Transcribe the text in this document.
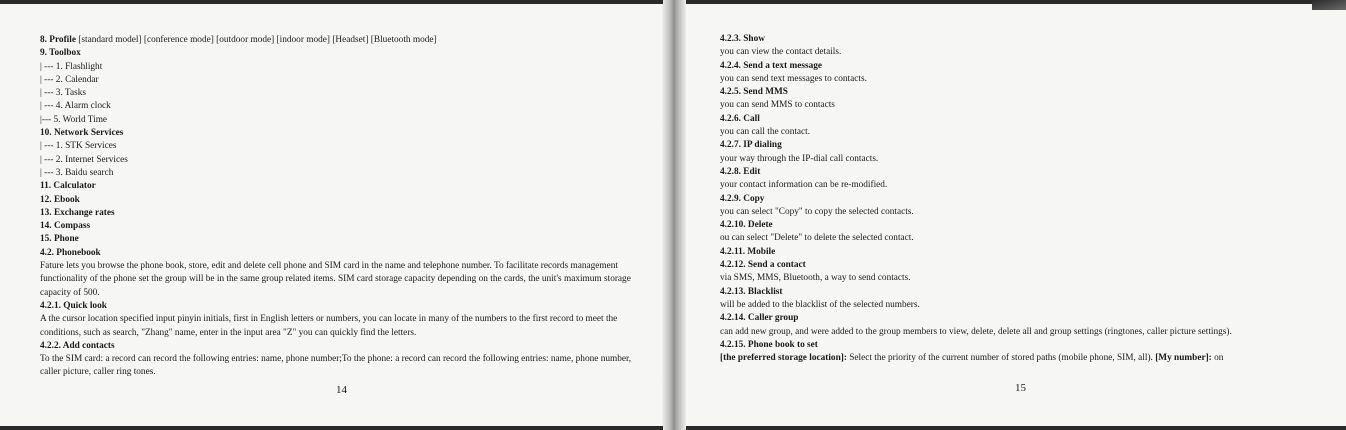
8. Profile [standard model] [conference mode] [outdoor mode] [indoor mode] [Headset] [Bluetooth mode]
9. Toolbox
| --- 1. Flashlight
| --- 2. Calendar
| --- 3. Tasks
| --- 4. Alarm clock
|--- 5. World Time
10. Network Services
| --- 1. STK Services
| --- 2. Internet Services
| --- 3. Baidu search
11. Calculator
12. Ebook
13. Exchange rates
14. Compass
15. Phone
4.2. Phonebook
Fature lets you browse the phone book, store, edit and delete cell phone and SIM card in the name and telephone number. To facilitate records management functionality of the phone set the group will be in the same group related items. SIM card storage capacity depending on the cards, the unit's maximum storage capacity of 500.
4.2.1. Quick look
A the cursor location specified input pinyin initials, first in English letters or numbers, you can locate in many of the numbers to the first record to meet the conditions, such as search, "Zhang" name, enter in the input area "Z" you can quickly find the letters.
4.2.2. Add contacts
To the SIM card: a record can record the following entries: name, phone number;To the phone: a record can record the following entries: name, phone number, caller picture, caller ring tones.
14
4.2.3. Show
you can view the contact details.
4.2.4. Send a text message
you can send text messages to contacts.
4.2.5. Send MMS
you can send MMS to contacts
4.2.6. Call
you can call the contact.
4.2.7. IP dialing
your way through the IP-dial call contacts.
4.2.8. Edit
your contact information can be re-modified.
4.2.9. Copy
you can select "Copy" to copy the selected contacts.
4.2.10. Delete
ou can select "Delete" to delete the selected contact.
4.2.11. Mobile
4.2.12. Send a contact
via SMS, MMS, Bluetooth, a way to send contacts.
4.2.13. Blacklist
will be added to the blacklist of the selected numbers.
4.2.14. Caller group
can add new group, and were added to the group members to view, delete, delete all and group settings (ringtones, caller picture settings).
4.2.15. Phone book to set
[the preferred storage location]: Select the priority of the current number of stored paths (mobile phone, SIM, all). [My number]: on
15
